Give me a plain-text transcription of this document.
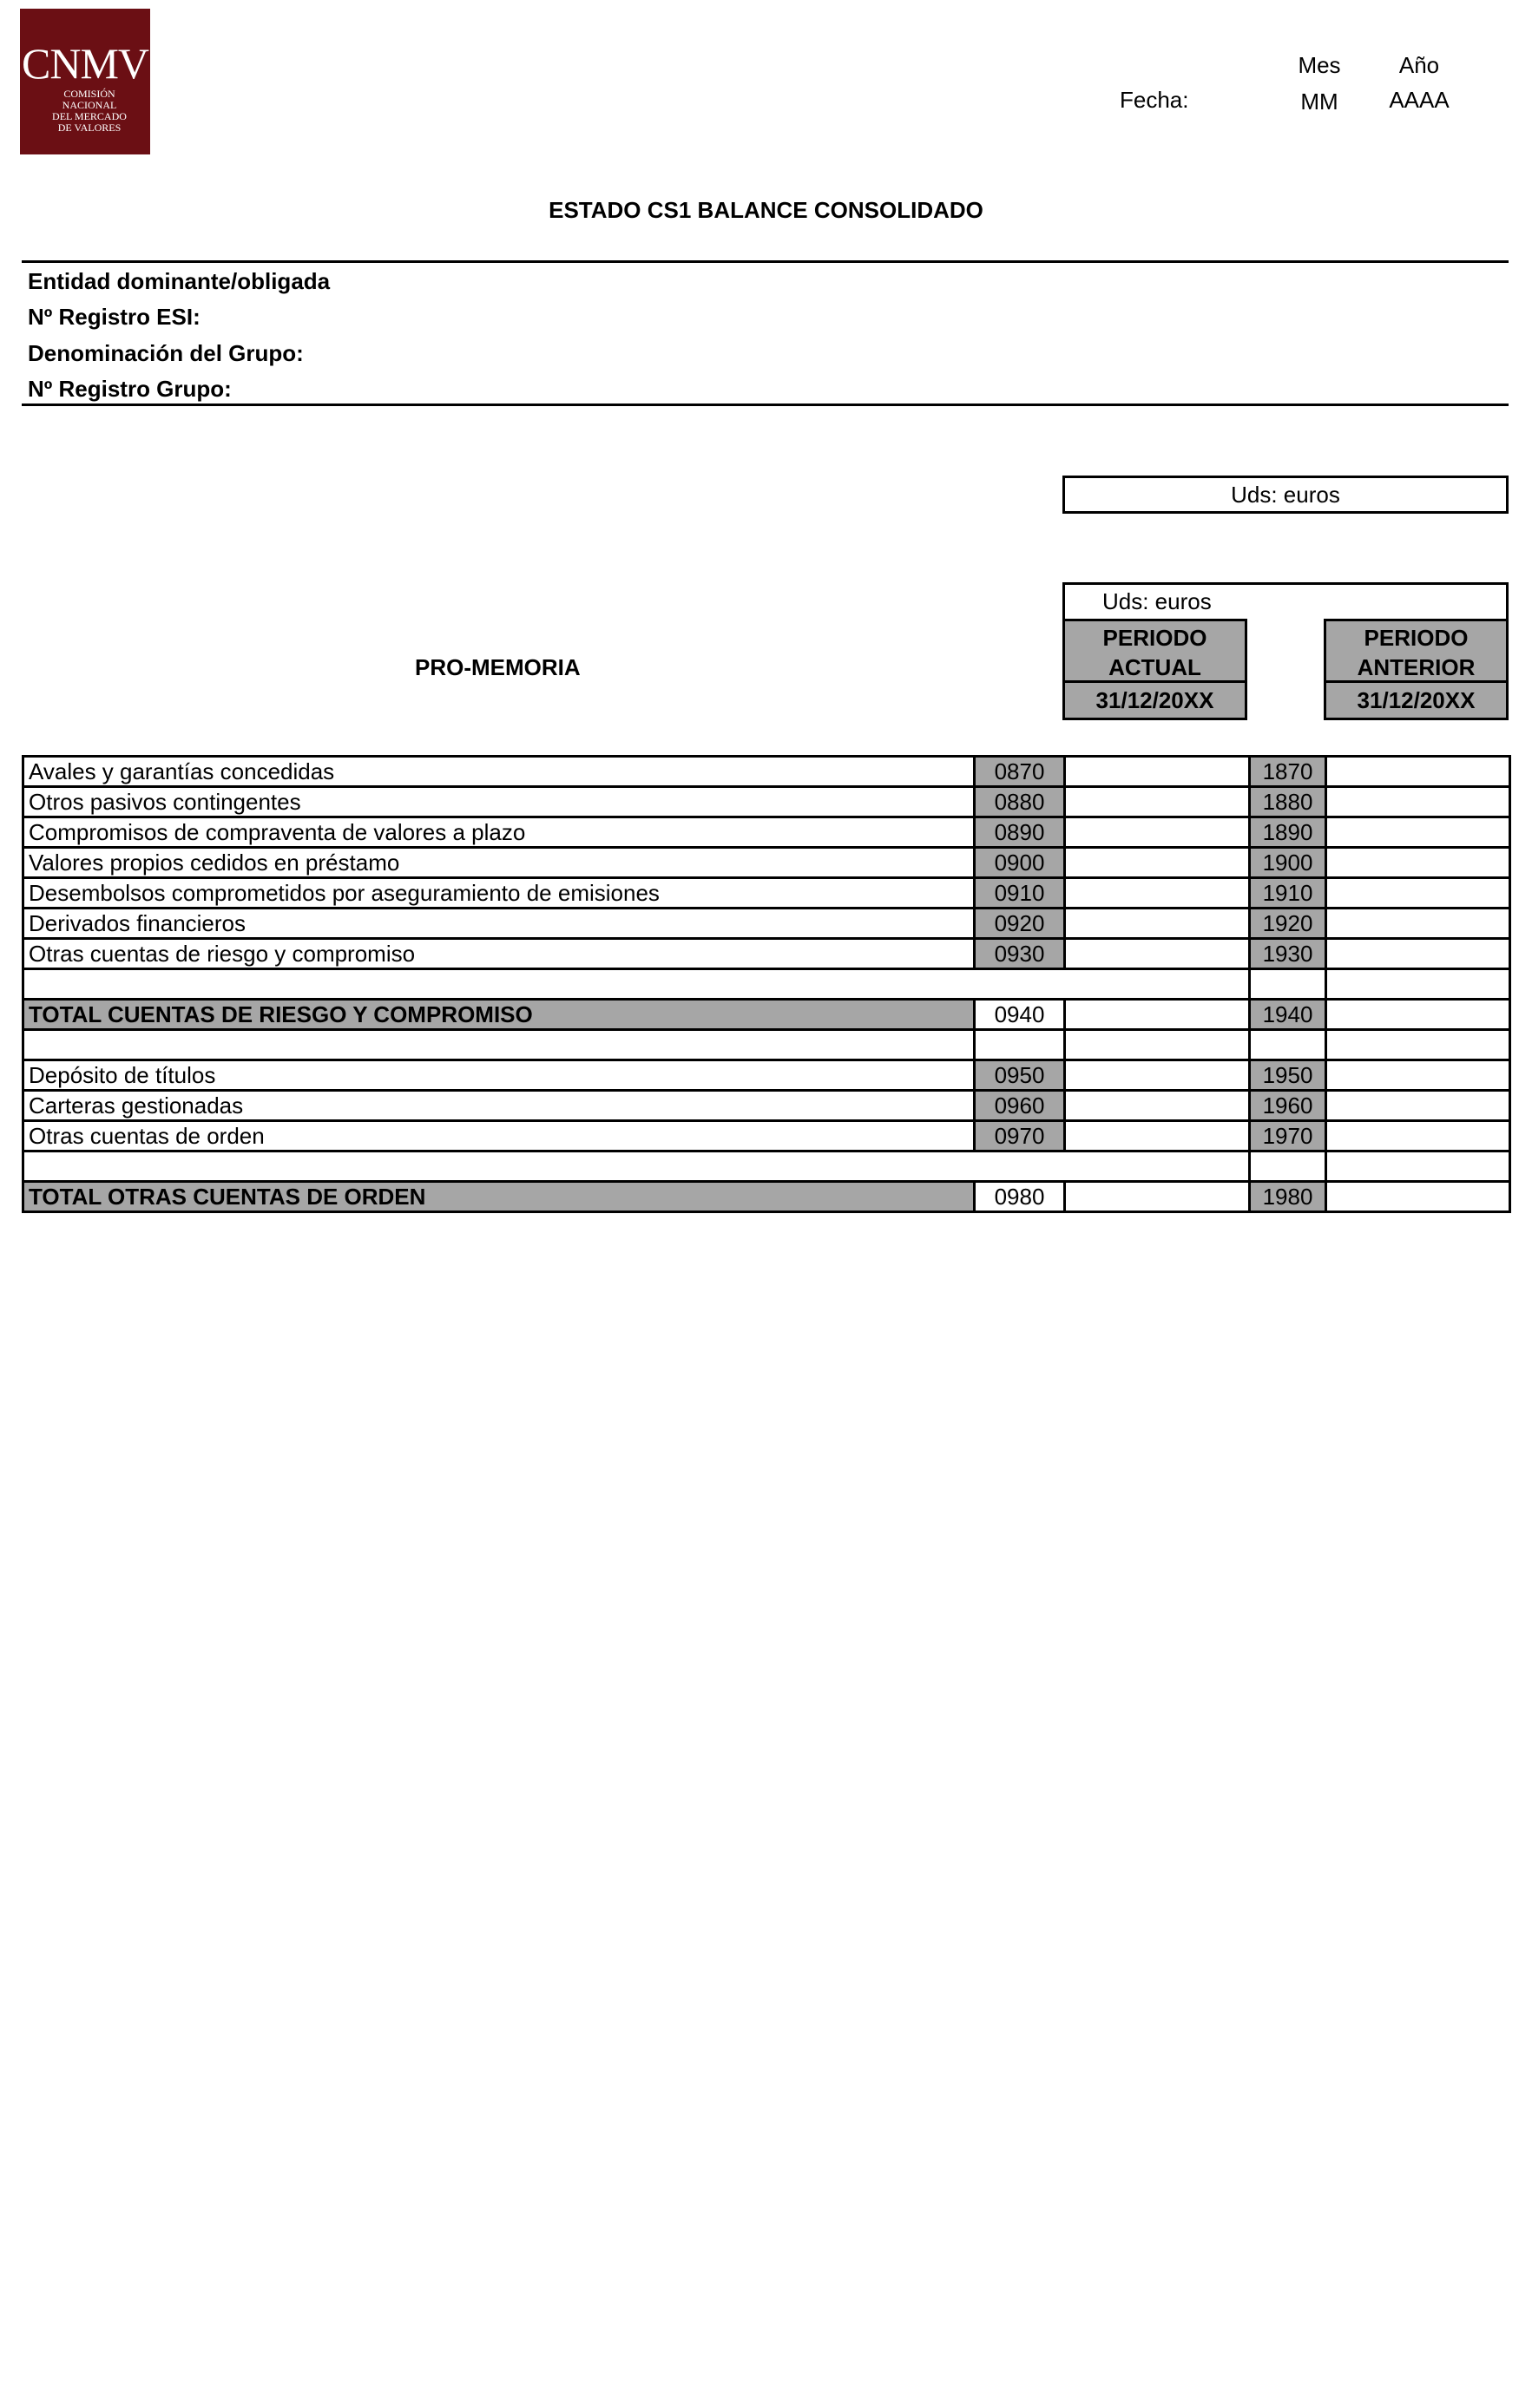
CNMV
COMISIÓN
NACIONAL
DEL MERCADO
DE VALORES
Mes	Año
Fecha:	MM	AAAA
ESTADO CS1 BALANCE CONSOLIDADO
Entidad dominante/obligada
Nº Registro ESI:
Denominación del Grupo:
Nº Registro Grupo:
Uds: euros
Uds: euros
PERIODO
ACTUAL
31/12/20XX
PERIODO
ANTERIOR
31/12/20XX
PRO-MEMORIA
Avales y garantías concedidas	0870		1870	
Otros pasivos contingentes	0880		1880	
Compromisos de compraventa de valores a plazo	0890		1890	
Valores propios cedidos en préstamo	0900		1900	
Desembolsos comprometidos por aseguramiento de emisiones	0910		1910	
Derivados financieros	0920		1920	
Otras cuentas de riesgo y compromiso	0930		1930	

TOTAL CUENTAS DE RIESGO Y COMPROMISO	0940		1940	

Depósito de títulos	0950		1950	
Carteras gestionadas	0960		1960	
Otras cuentas de orden	0970		1970	

TOTAL OTRAS CUENTAS DE ORDEN	0980		1980	
